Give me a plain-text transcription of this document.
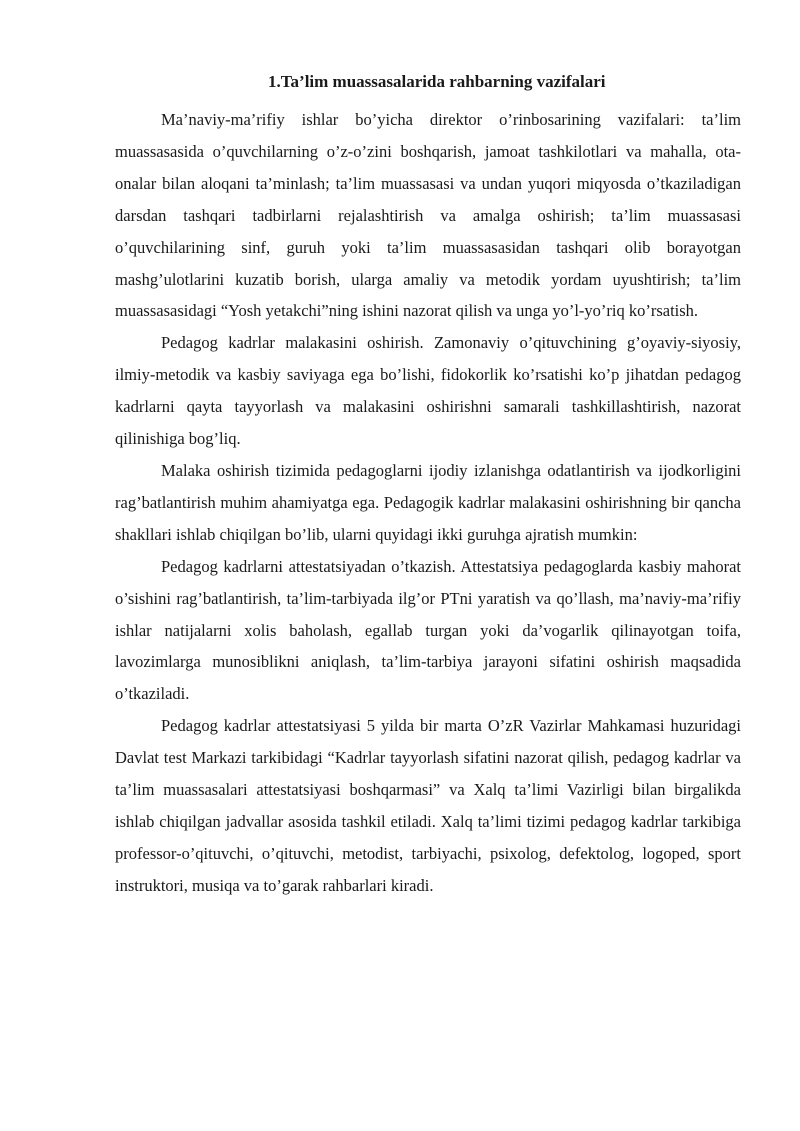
1.Ta’lim muassasalarida rahbarning vazifalari

Ma’naviy-ma’rifiy ishlar bo’yicha direktor o’rinbosarining vazifalari: ta’lim muassasasida o’quvchilarning o’z-o’zini boshqarish, jamoat tashkilotlari va mahalla, ota-onalar bilan aloqani ta’minlash; ta’lim muassasasi va undan yuqori miqyosda o’tkaziladigan darsdan tashqari tadbirlarni rejalashtirish va amalga oshirish; ta’lim muassasasi o’quvchilarining sinf, guruh yoki ta’lim muassasasidan tashqari olib borayotgan mashg’ulotlarini kuzatib borish, ularga amaliy va metodik yordam uyushtirish; ta’lim muassasasidagi “Yosh yetakchi”ning ishini nazorat qilish va unga yo’l-yo’riq ko’rsatish.

Pedagog kadrlar malakasini oshirish. Zamonaviy o’qituvchining g’oyaviy-siyosiy, ilmiy-metodik va kasbiy saviyaga ega bo’lishi, fidokorlik ko’rsatishi ko’p jihatdan pedagog kadrlarni qayta tayyorlash va malakasini oshirishni samarali tashkillashtirish, nazorat qilinishiga bog’liq.

Malaka oshirish tizimida pedagoglarni ijodiy izlanishga odatlantirish va ijodkorligini rag’batlantirish muhim ahamiyatga ega. Pedagogik kadrlar malakasini oshirishning bir qancha shakllari ishlab chiqilgan bo’lib, ularni quyidagi ikki guruhga ajratish mumkin:

Pedagog kadrlarni attestatsiyadan o’tkazish. Attestatsiya pedagoglarda kasbiy mahorat o’sishini rag’batlantirish, ta’lim-tarbiyada ilg’or PTni yaratish va qo’llash, ma’naviy-ma’rifiy ishlar natijalarni xolis baholash, egallab turgan yoki da’vogarlik qilinayotgan toifa, lavozimlarga munosiblikni aniqlash, ta’lim-tarbiya jarayoni sifatini oshirish maqsadida o’tkaziladi.

Pedagog kadrlar attestatsiyasi 5 yilda bir marta O’zR Vazirlar Mahkamasi huzuridagi Davlat test Markazi tarkibidagi “Kadrlar tayyorlash sifatini nazorat qilish, pedagog kadrlar va ta’lim muassasalari attestatsiyasi boshqarmasi” va Xalq ta’limi Vazirligi bilan birgalikda ishlab chiqilgan jadvallar asosida tashkil etiladi. Xalq ta’limi tizimi pedagog kadrlar tarkibiga professor-o’qituvchi, o’qituvchi, metodist, tarbiyachi, psixolog, defektolog, logoped, sport instruktori, musiqa va to’garak rahbarlari kiradi.
